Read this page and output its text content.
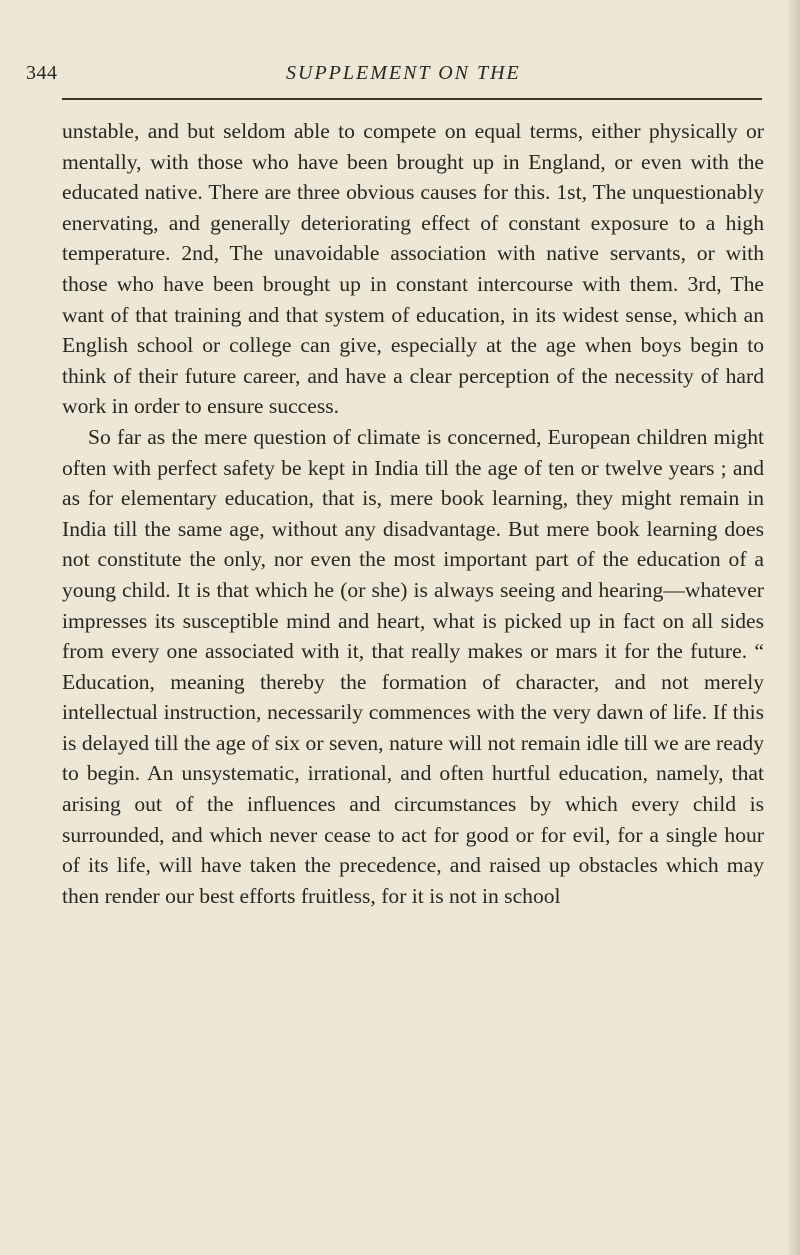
344	SUPPLEMENT ON THE

unstable, and but seldom able to compete on equal terms, either physically or mentally, with those who have been brought up in England, or even with the educated native. There are three obvious causes for this. 1st, The unquestionably enervating, and generally deteriorating effect of constant exposure to a high temperature. 2nd, The unavoidable association with native servants, or with those who have been brought up in constant intercourse with them. 3rd, The want of that training and that system of education, in its widest sense, which an English school or college can give, especially at the age when boys begin to think of their future career, and have a clear perception of the necessity of hard work in order to ensure success.

So far as the mere question of climate is concerned, European children might often with perfect safety be kept in India till the age of ten or twelve years ; and as for elementary education, that is, mere book learning, they might remain in India till the same age, without any disadvantage. But mere book learning does not constitute the only, nor even the most important part of the education of a young child. It is that which he (or she) is always seeing and hearing—whatever impresses its susceptible mind and heart, what is picked up in fact on all sides from every one associated with it, that really makes or mars it for the future. “ Education, meaning thereby the formation of character, and not merely intellectual instruction, necessarily commences with the very dawn of life. If this is delayed till the age of six or seven, nature will not remain idle till we are ready to begin. An unsystematic, irrational, and often hurtful education, namely, that arising out of the influences and circumstances by which every child is surrounded, and which never cease to act for good or for evil, for a single hour of its life, will have taken the precedence, and raised up obstacles which may then render our best efforts fruitless, for it is not in school
